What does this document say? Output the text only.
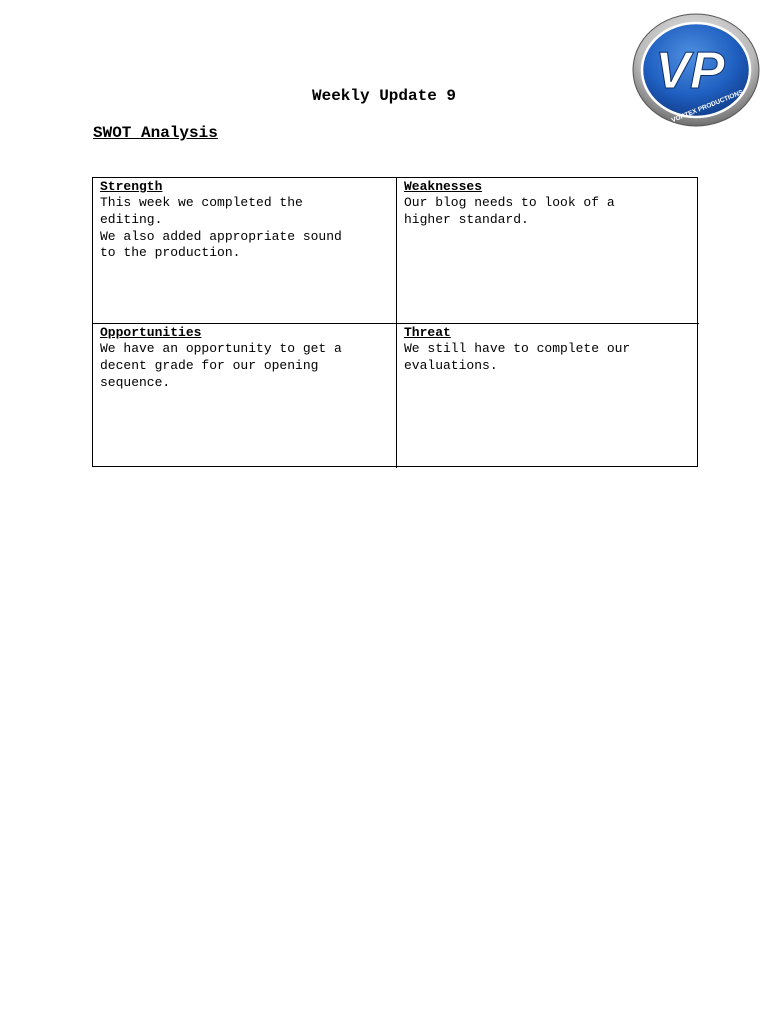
VP
VORTEX PRODUCTIONS
Weekly Update 9
SWOT Analysis
Strength
This week we completed the
editing.
We also added appropriate sound
to the production.
Weaknesses
Our blog needs to look of a
higher standard.
Opportunities
We have an opportunity to get a
decent grade for our opening
sequence.
Threat
We still have to complete our
evaluations.
